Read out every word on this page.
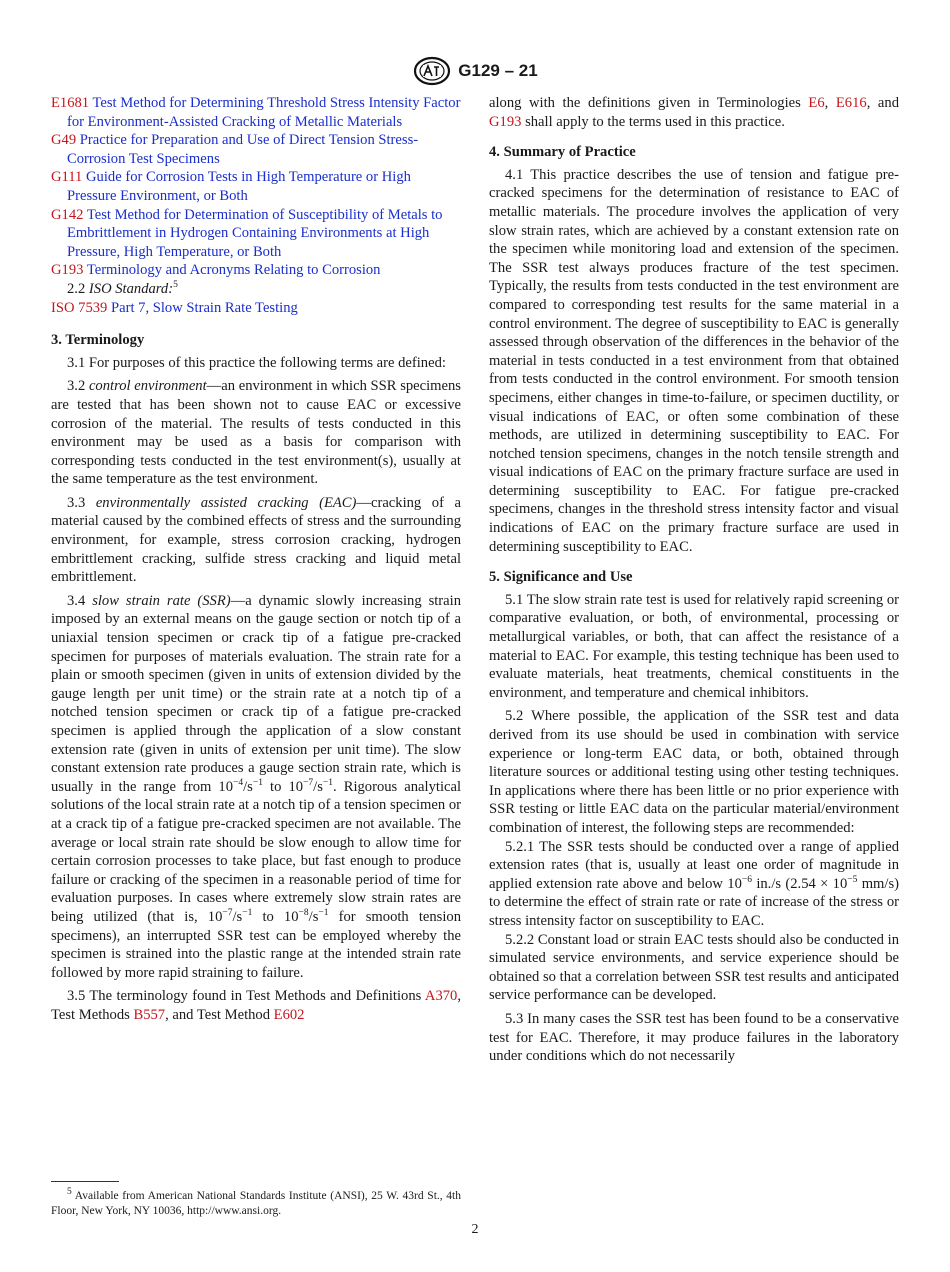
G129 – 21

E1681 Test Method for Determining Threshold Stress Intensity Factor for Environment-Assisted Cracking of Metallic Materials

G49 Practice for Preparation and Use of Direct Tension Stress-Corrosion Test Specimens

G111 Guide for Corrosion Tests in High Temperature or High Pressure Environment, or Both

G142 Test Method for Determination of Susceptibility of Metals to Embrittlement in Hydrogen Containing Environments at High Pressure, High Temperature, or Both

G193 Terminology and Acronyms Relating to Corrosion

2.2 ISO Standard:$^5$

ISO 7539 Part 7, Slow Strain Rate Testing

3. Terminology

3.1 For purposes of this practice the following terms are defined:

3.2 control environment—an environment in which SSR specimens are tested that has been shown not to cause EAC or excessive corrosion of the material. The results of tests conducted in this environment may be used as a basis for comparison with corresponding tests conducted in the test environment(s), usually at the same temperature as the test environment.

3.3 environmentally assisted cracking (EAC)—cracking of a material caused by the combined effects of stress and the surrounding environment, for example, stress corrosion cracking, hydrogen embrittlement cracking, sulfide stress cracking and liquid metal embrittlement.

3.4 slow strain rate (SSR)—a dynamic slowly increasing strain imposed by an external means on the gauge section or notch tip of a uniaxial tension specimen or crack tip of a fatigue pre-cracked specimen for purposes of materials evaluation. The strain rate for a plain or smooth specimen (given in units of extension divided by the gauge length per unit time) or the strain rate at a notch tip of a notched tension specimen or crack tip of a fatigue pre-cracked specimen is applied through the application of a slow constant extension rate (given in units of extension per unit time). The slow constant extension rate produces a gauge section strain rate, which is usually in the range from $10^{-4}/s^{-1}$ to $10^{-7}/s^{-1}$. Rigorous analytical solutions of the local strain rate at a notch tip of a tension specimen or at a crack tip of a fatigue pre-cracked specimen are not available. The average or local strain rate should be slow enough to allow time for certain corrosion processes to take place, but fast enough to produce failure or cracking of the specimen in a reasonable period of time for evaluation purposes. In cases where extremely slow strain rates are being utilized (that is, $10^{-7}/s^{-1}$ to $10^{-8}/s^{-1}$ for smooth tension specimens), an interrupted SSR test can be employed whereby the specimen is strained into the plastic range at the intended strain rate followed by more rapid straining to failure.

3.5 The terminology found in Test Methods and Definitions A370, Test Methods B557, and Test Method E602

along with the definitions given in Terminologies E6, E616, and G193 shall apply to the terms used in this practice.

4. Summary of Practice

4.1 This practice describes the use of tension and fatigue pre-cracked specimens for the determination of resistance to EAC of metallic materials. The procedure involves the application of very slow strain rates, which are achieved by a constant extension rate on the specimen while monitoring load and extension of the specimen. The SSR test always produces fracture of the test specimen. Typically, the results from tests conducted in the test environment are compared to corresponding test results for the same material in a control environment. The degree of susceptibility to EAC is generally assessed through observation of the differences in the behavior of the material in tests conducted in a test environment from that obtained from tests conducted in the control environment. For smooth tension specimens, either changes in time-to-failure, or specimen ductility, or visual indications of EAC, or often some combination of these methods, are utilized in determining susceptibility to EAC. For notched tension specimens, changes in the notch tensile strength and visual indications of EAC on the primary fracture surface are used in determining susceptibility to EAC. For fatigue pre-cracked specimens, changes in the threshold stress intensity factor and visual indications of EAC on the primary fracture surface are used in determining susceptibility to EAC.

5. Significance and Use

5.1 The slow strain rate test is used for relatively rapid screening or comparative evaluation, or both, of environmental, processing or metallurgical variables, or both, that can affect the resistance of a material to EAC. For example, this testing technique has been used to evaluate materials, heat treatments, chemical constituents in the environment, and temperature and chemical inhibitors.

5.2 Where possible, the application of the SSR test and data derived from its use should be used in combination with service experience or long-term EAC data, or both, obtained through literature sources or additional testing using other testing techniques. In applications where there has been little or no prior experience with SSR testing or little EAC data on the particular material/environment combination of interest, the following steps are recommended:

5.2.1 The SSR tests should be conducted over a range of applied extension rates (that is, usually at least one order of magnitude in applied extension rate above and below $10^{-6}$ in./s ($2.54 \times 10^{-5}$ mm/s) to determine the effect of strain rate or rate of increase of the stress or stress intensity factor on susceptibility to EAC.

5.2.2 Constant load or strain EAC tests should also be conducted in simulated service environments, and service experience should be obtained so that a correlation between SSR test results and anticipated service performance can be developed.

5.3 In many cases the SSR test has been found to be a conservative test for EAC. Therefore, it may produce failures in the laboratory under conditions which do not necessarily

$^5$ Available from American National Standards Institute (ANSI), 25 W. 43rd St., 4th Floor, New York, NY 10036, http://www.ansi.org.

2
